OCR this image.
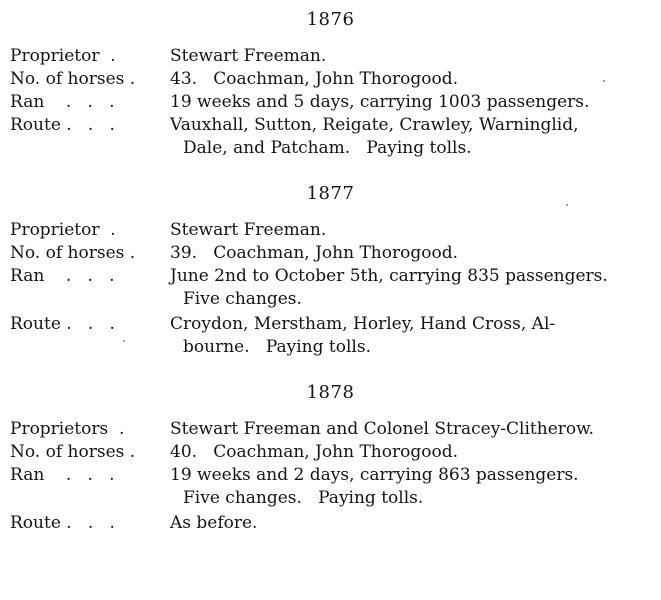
1876
Proprietor  .	Stewart Freeman.
No. of horses .	43.   Coachman, John Thorogood.
Ran    .   .   .	19 weeks and 5 days, carrying 1003 passengers.
Route .   .   .	Vauxhall, Sutton, Reigate, Crawley, Warninglid,
Dale, and Patcham.   Paying tolls.
1877
Proprietor  .	Stewart Freeman.
No. of horses .	39.   Coachman, John Thorogood.
Ran    .   .   .	June 2nd to October 5th, carrying 835 passengers.
Five changes.
Route .   .   .	Croydon, Merstham, Horley, Hand Cross, Al-
bourne.   Paying tolls.
1878
Proprietors  .	Stewart Freeman and Colonel Stracey-Clitherow.
No. of horses .	40.   Coachman, John Thorogood.
Ran    .   .   .	19 weeks and 2 days, carrying 863 passengers.
Five changes.   Paying tolls.
Route .   .   .	As before.
